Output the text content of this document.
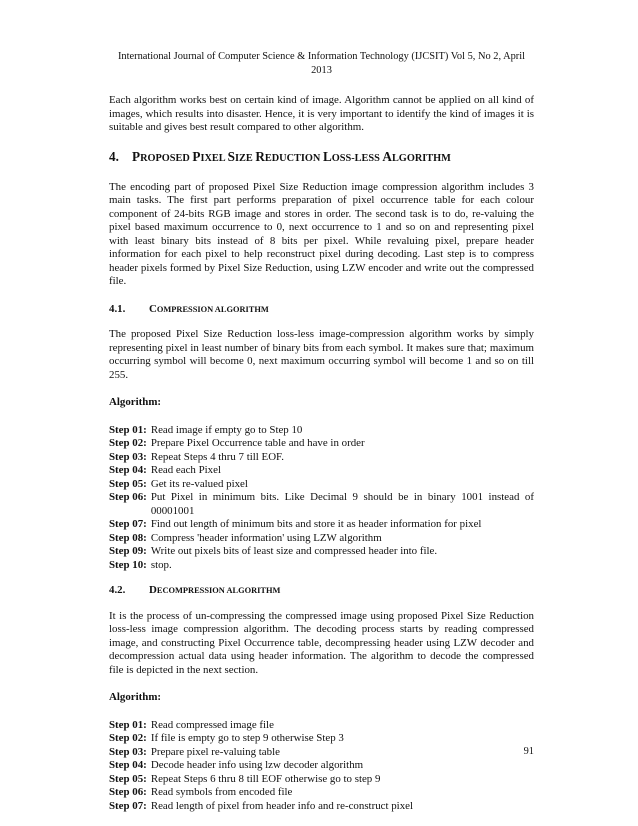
International Journal of Computer Science & Information Technology (IJCSIT) Vol 5, No 2, April 2013

Each algorithm works best on certain kind of image. Algorithm cannot be applied on all kind of images, which results into disaster. Hence, it is very important to identify the kind of images it is suitable and gives best result compared to other algorithm.

4. PROPOSED PIXEL SIZE REDUCTION LOSS-LESS ALGORITHM

The encoding part of proposed Pixel Size Reduction image compression algorithm includes 3 main tasks. The first part performs preparation of pixel occurrence table for each colour component of 24-bits RGB image and stores in order. The second task is to do, re-valuing the pixel based maximum occurrence to 0, next occurrence to 1 and so on and representing pixel with least binary bits instead of 8 bits per pixel. While revaluing pixel, prepare header information for each pixel to help reconstruct pixel during decoding. Last step is to compress header pixels formed by Pixel Size Reduction, using LZW encoder and write out the compressed file.

4.1. COMPRESSION ALGORITHM

The proposed Pixel Size Reduction loss-less image-compression algorithm works by simply representing pixel in least number of binary bits from each symbol. It makes sure that; maximum occurring symbol will become 0, next maximum occurring symbol will become 1 and so on till 255.

Algorithm:
Step 01: Read image if empty go to Step 10
Step 02: Prepare Pixel Occurrence table and have in order
Step 03: Repeat Steps 4 thru 7 till EOF.
Step 04: Read each Pixel
Step 05: Get its re-valued pixel
Step 06: Put Pixel in minimum bits. Like Decimal 9 should be in binary 1001 instead of 00001001
Step 07: Find out length of minimum bits and store it as header information for pixel
Step 08: Compress 'header information' using LZW algorithm
Step 09: Write out pixels bits of least size and compressed header into file.
Step 10: stop.
4.2. DECOMPRESSION ALGORITHM

It is the process of un-compressing the compressed image using proposed Pixel Size Reduction loss-less image compression algorithm. The decoding process starts by reading compressed image, and constructing Pixel Occurrence table, decompressing header using LZW decoder and decompression actual data using header information. The algorithm to decode the compressed file is depicted in the next section.

Algorithm:
Step 01: Read compressed image file
Step 02: If file is empty go to step 9 otherwise Step 3
Step 03: Prepare pixel re-valuing table
Step 04: Decode header info using lzw decoder algorithm
Step 05: Repeat Steps 6 thru 8 till EOF otherwise go to step 9
Step 06: Read symbols from encoded file
Step 07: Read length of pixel from header info and re-construct pixel
91
